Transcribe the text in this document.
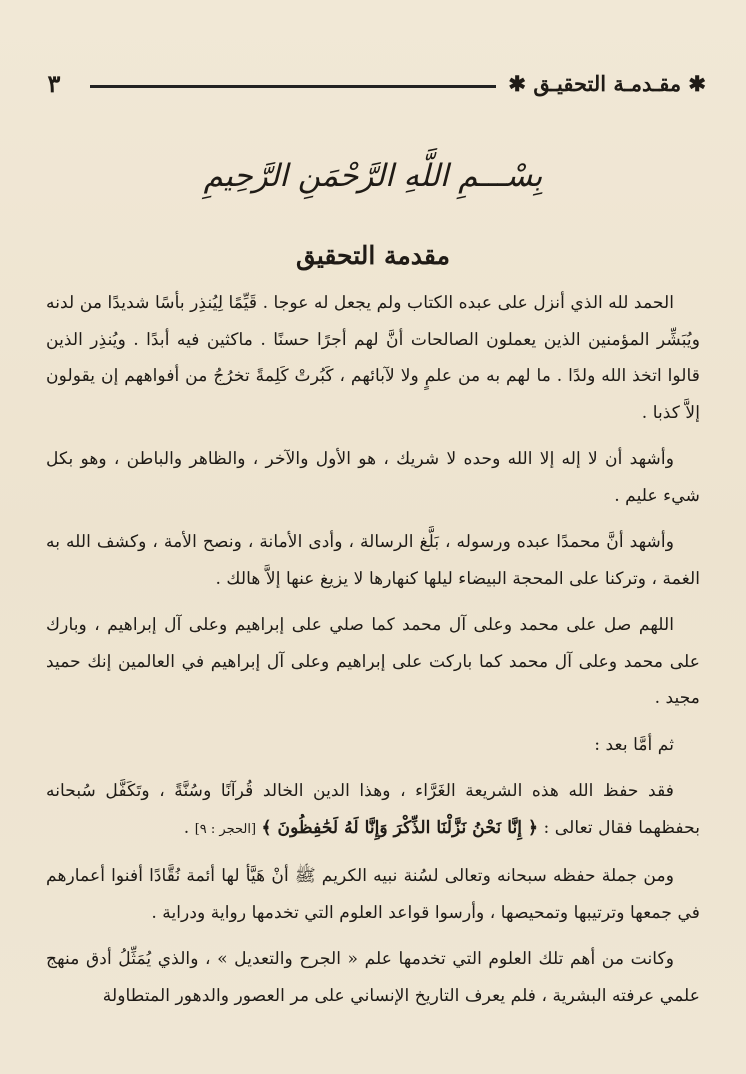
✱ مقـدمـة التحقيـق ✱
٣
بِسْـــمِ اللَّهِ الرَّحْمَنِ الرَّحِيمِ
مقدمة التحقيق

الحمد لله الذي أنزل على عبده الكتاب ولم يجعل له عوجا . قَيِّمًا لِيُنذِر بأسًا شديدًا من لدنه ويُبَشِّر المؤمنين الذين يعملون الصالحات أنَّ لهم أجرًا حسنًا . ماكثين فيه أبدًا . ويُنذِر الذين قالوا اتخذ الله ولدًا . ما لهم به من علمٍ ولا لآبائهم ، كَبُرتْ كَلِمةً تخرُجُ من أفواههم إن يقولون إلاَّ كذبا .

وأشهد أن لا إله إلا الله وحده لا شريك ، هو الأول والآخر ، والظاهر والباطن ، وهو بكل شيء عليم .

وأشهد أنَّ محمدًا عبده ورسوله ، بَلَّغ الرسالة ، وأدى الأمانة ، ونصح الأمة ، وكشف الله به الغمة ، وتركنا على المحجة البيضاء ليلها كنهارها لا يزيغ عنها إلاَّ هالك .

اللهم صل على محمد وعلى آل محمد كما صلي على إبراهيم وعلى آل إبراهيم ، وبارك على محمد وعلى آل محمد كما باركت على إبراهيم وعلى آل إبراهيم في العالمين إنك حميد مجيد .

ثم أمَّا بعد :

فقد حفظ الله هذه الشريعة الغَرَّاء ، وهذا الدين الخالد قُرآنًا وسُنَّةً ، وتَكَفَّل سُبحانه بحفظهما فقال تعالى : ﴿ إِنَّا نَحْنُ نَزَّلْنَا الذِّكْرَ وَإِنَّا لَهُ لَحَٰفِظُونَ ﴾ [الحجر : ٩] .

ومن جملة حفظه سبحانه وتعالى لسُنة نبيه الكريم ﷺ أنْ هَيَّأ لها أئمة نُقَّادًا أفنوا أعمارهم في جمعها وترتيبها وتمحيصها ، وأرسوا قواعد العلوم التي تخدمها رواية ودراية .

وكانت من أهم تلك العلوم التي تخدمها علم « الجرح والتعديل » ، والذي يُمَثِّلُ أدق منهج علمي عرفته البشرية ، فلم يعرف التاريخ الإنساني على مر العصور والدهور المتطاولة
